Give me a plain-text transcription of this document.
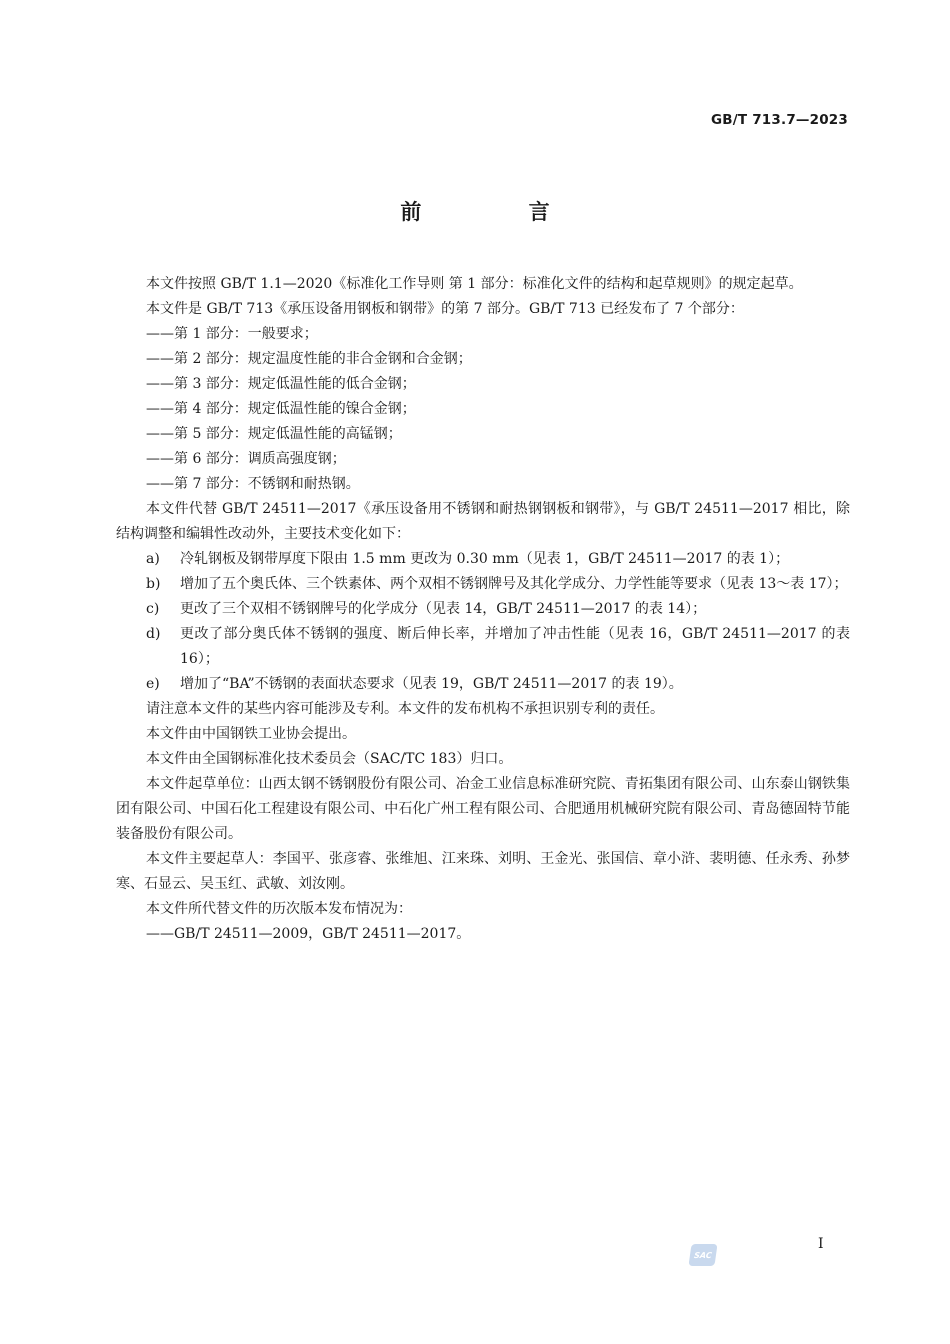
GB/T 713.7—2023
前 言
本文件按照 GB/T 1.1—2020《标准化工作导则 第 1 部分：标准化文件的结构和起草规则》的规定起草。
本文件是 GB/T 713《承压设备用钢板和钢带》的第 7 部分。GB/T 713 已经发布了 7 个部分：
——第 1 部分：一般要求；
——第 2 部分：规定温度性能的非合金钢和合金钢；
——第 3 部分：规定低温性能的低合金钢；
——第 4 部分：规定低温性能的镍合金钢；
——第 5 部分：规定低温性能的高锰钢；
——第 6 部分：调质高强度钢；
——第 7 部分：不锈钢和耐热钢。
本文件代替 GB/T 24511—2017《承压设备用不锈钢和耐热钢钢板和钢带》，与 GB/T 24511—2017 相比，除结构调整和编辑性改动外，主要技术变化如下：
a)	冷轧钢板及钢带厚度下限由 1.5 mm 更改为 0.30 mm（见表 1，GB/T 24511—2017 的表 1）；
b)	增加了五个奥氏体、三个铁素体、两个双相不锈钢牌号及其化学成分、力学性能等要求（见表 13～表 17）；
c)	更改了三个双相不锈钢牌号的化学成分（见表 14，GB/T 24511—2017 的表 14）；
d)	更改了部分奥氏体不锈钢的强度、断后伸长率，并增加了冲击性能（见表 16，GB/T 24511—2017 的表 16）；
e)	增加了“BA”不锈钢的表面状态要求（见表 19，GB/T 24511—2017 的表 19）。
请注意本文件的某些内容可能涉及专利。本文件的发布机构不承担识别专利的责任。
本文件由中国钢铁工业协会提出。
本文件由全国钢标准化技术委员会（SAC/TC 183）归口。
本文件起草单位：山西太钢不锈钢股份有限公司、冶金工业信息标准研究院、青拓集团有限公司、山东泰山钢铁集团有限公司、中国石化工程建设有限公司、中石化广州工程有限公司、合肥通用机械研究院有限公司、青岛德固特节能装备股份有限公司。
本文件主要起草人：李国平、张彦睿、张维旭、江来珠、刘明、王金光、张国信、章小浒、裴明德、任永秀、孙梦寒、石显云、吴玉红、武敏、刘汝刚。
本文件所代替文件的历次版本发布情况为：
——GB/T 24511—2009，GB/T 24511—2017。
SAC
I
